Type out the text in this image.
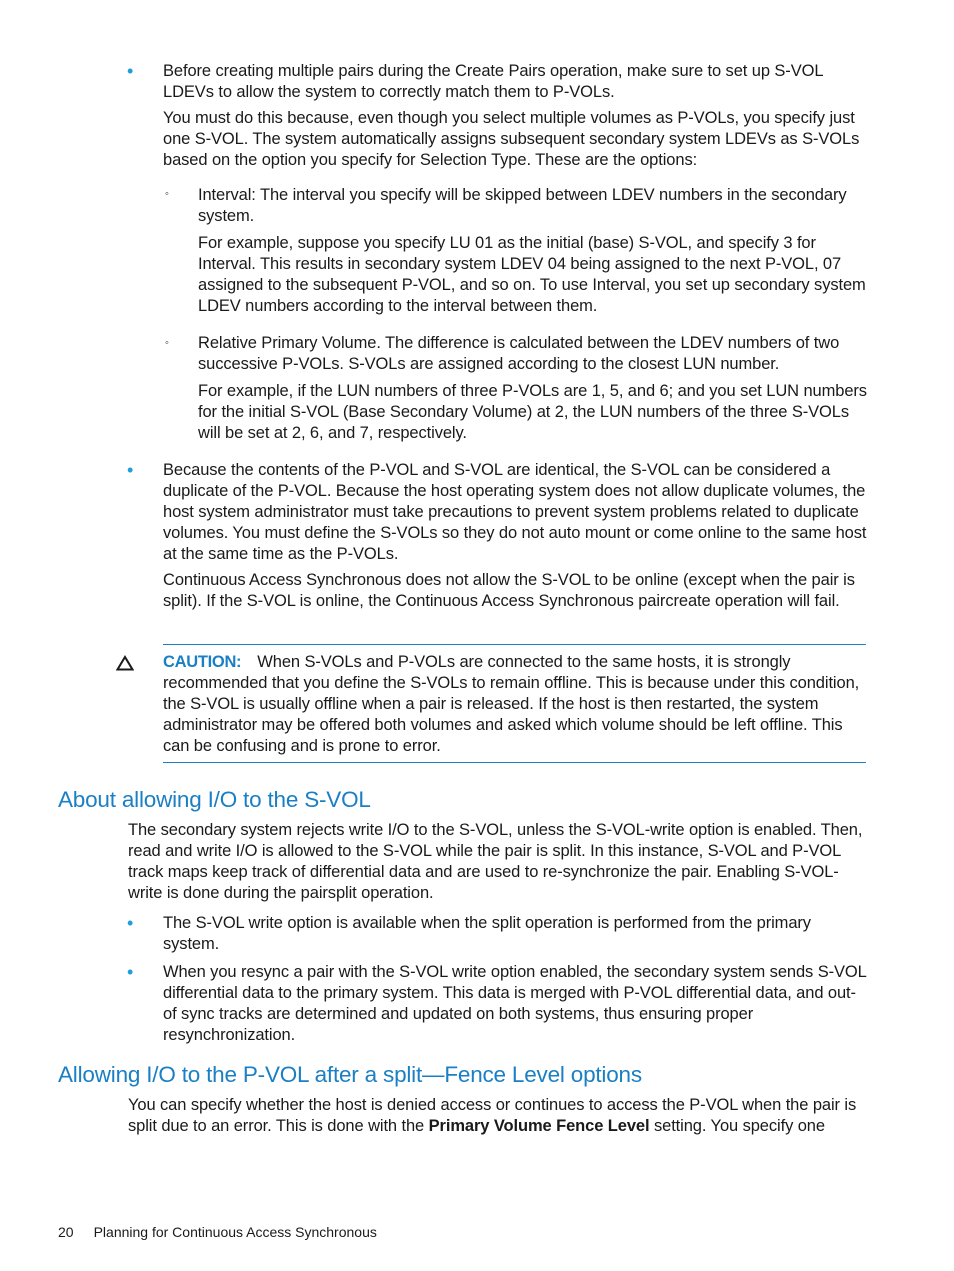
• Before creating multiple pairs during the Create Pairs operation, make sure to set up S-VOL LDEVs to allow the system to correctly match them to P-VOLs.

You must do this because, even though you select multiple volumes as P-VOLs, you specify just one S-VOL. The system automatically assigns subsequent secondary system LDEVs as S-VOLs based on the option you specify for Selection Type. These are the options:

◦ Interval: The interval you specify will be skipped between LDEV numbers in the secondary system.

For example, suppose you specify LU 01 as the initial (base) S-VOL, and specify 3 for Interval. This results in secondary system LDEV 04 being assigned to the next P-VOL, 07 assigned to the subsequent P-VOL, and so on. To use Interval, you set up secondary system LDEV numbers according to the interval between them.

◦ Relative Primary Volume. The difference is calculated between the LDEV numbers of two successive P-VOLs. S-VOLs are assigned according to the closest LUN number.

For example, if the LUN numbers of three P-VOLs are 1, 5, and 6; and you set LUN numbers for the initial S-VOL (Base Secondary Volume) at 2, the LUN numbers of the three S-VOLs will be set at 2, 6, and 7, respectively.

• Because the contents of the P-VOL and S-VOL are identical, the S-VOL can be considered a duplicate of the P-VOL. Because the host operating system does not allow duplicate volumes, the host system administrator must take precautions to prevent system problems related to duplicate volumes. You must define the S-VOLs so they do not auto mount or come online to the same host at the same time as the P-VOLs.

Continuous Access Synchronous does not allow the S-VOL to be online (except when the pair is split). If the S-VOL is online, the Continuous Access Synchronous paircreate operation will fail.

CAUTION: When S-VOLs and P-VOLs are connected to the same hosts, it is strongly recommended that you define the S-VOLs to remain offline. This is because under this condition, the S-VOL is usually offline when a pair is released. If the host is then restarted, the system administrator may be offered both volumes and asked which volume should be left offline. This can be confusing and is prone to error.

About allowing I/O to the S-VOL

The secondary system rejects write I/O to the S-VOL, unless the S-VOL-write option is enabled. Then, read and write I/O is allowed to the S-VOL while the pair is split. In this instance, S-VOL and P-VOL track maps keep track of differential data and are used to re-synchronize the pair. Enabling S-VOL-write is done during the pairsplit operation.

• The S-VOL write option is available when the split operation is performed from the primary system.

• When you resync a pair with the S-VOL write option enabled, the secondary system sends S-VOL differential data to the primary system. This data is merged with P-VOL differential data, and out-of sync tracks are determined and updated on both systems, thus ensuring proper resynchronization.

Allowing I/O to the P-VOL after a split—Fence Level options

You can specify whether the host is denied access or continues to access the P-VOL when the pair is split due to an error. This is done with the Primary Volume Fence Level setting. You specify one

20 Planning for Continuous Access Synchronous
